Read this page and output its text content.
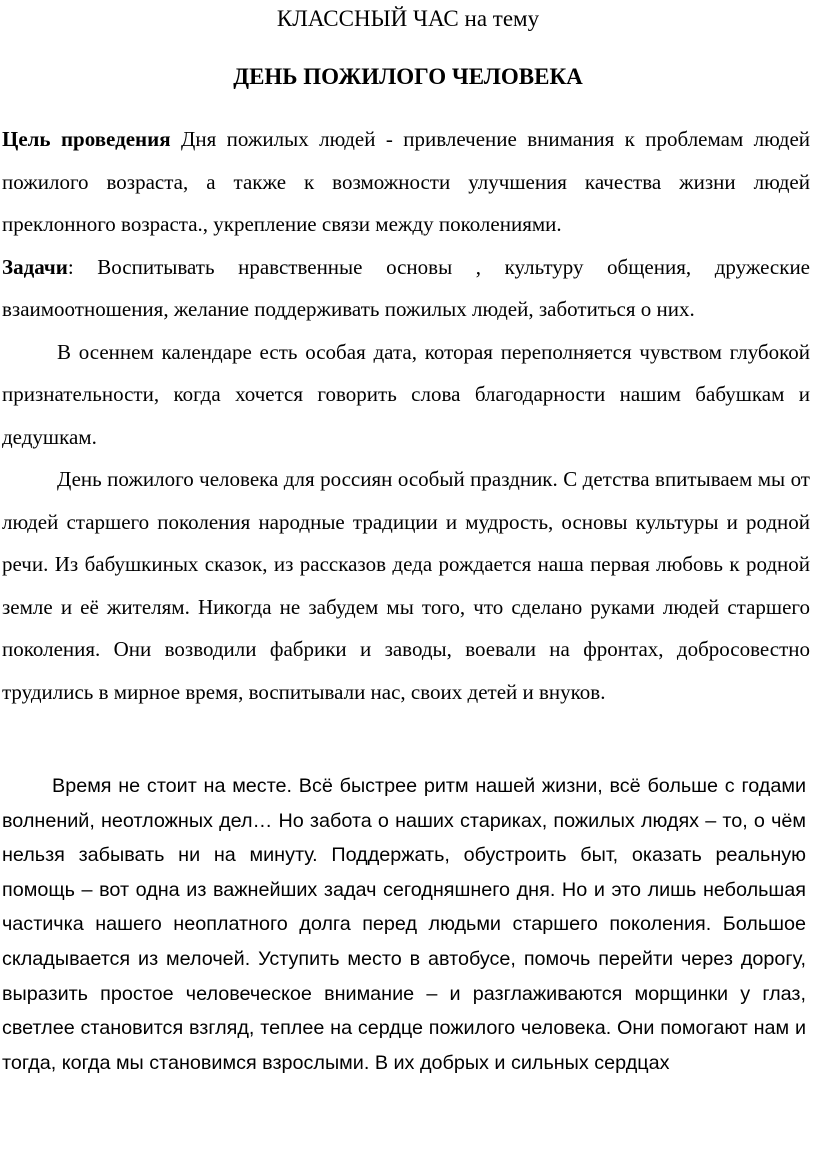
КЛАССНЫЙ ЧАС на тему
ДЕНЬ ПОЖИЛОГО ЧЕЛОВЕКА

Цель проведения Дня пожилых людей - привлечение внимания к проблемам людей пожилого возраста, а также к возможности улучшения качества жизни людей преклонного возраста., укрепление связи между поколениями.

Задачи: Воспитывать нравственные основы , культуру общения, дружеские взаимоотношения, желание поддерживать пожилых людей, заботиться о них.

В осеннем календаре есть особая дата, которая переполняется чувством глубокой признательности, когда хочется говорить слова благодарности нашим бабушкам и дедушкам.

День пожилого человека для россиян особый праздник. С детства впитываем мы от людей старшего поколения народные традиции и мудрость, основы культуры и родной речи. Из бабушкиных сказок, из рассказов деда рождается наша первая любовь к родной земле и её жителям. Никогда не забудем мы того, что сделано руками людей старшего поколения. Они возводили фабрики и заводы, воевали на фронтах, добросовестно трудились в мирное время, воспитывали нас, своих детей и внуков.

Время не стоит на месте. Всё быстрее ритм нашей жизни, всё больше с годами волнений, неотложных дел… Но забота о наших стариках, пожилых людях – то, о чём нельзя забывать ни на минуту. Поддержать, обустроить быт, оказать реальную помощь – вот одна из важнейших задач сегодняшнего дня. Но и это лишь небольшая частичка нашего неоплатного долга перед людьми старшего поколения. Большое складывается из мелочей. Уступить место в автобусе, помочь перейти через дорогу, выразить простое человеческое внимание – и разглаживаются морщинки у глаз, светлее становится взгляд, теплее на сердце пожилого человека. Они помогают нам и тогда, когда мы становимся взрослыми. В их добрых и сильных сердцах
